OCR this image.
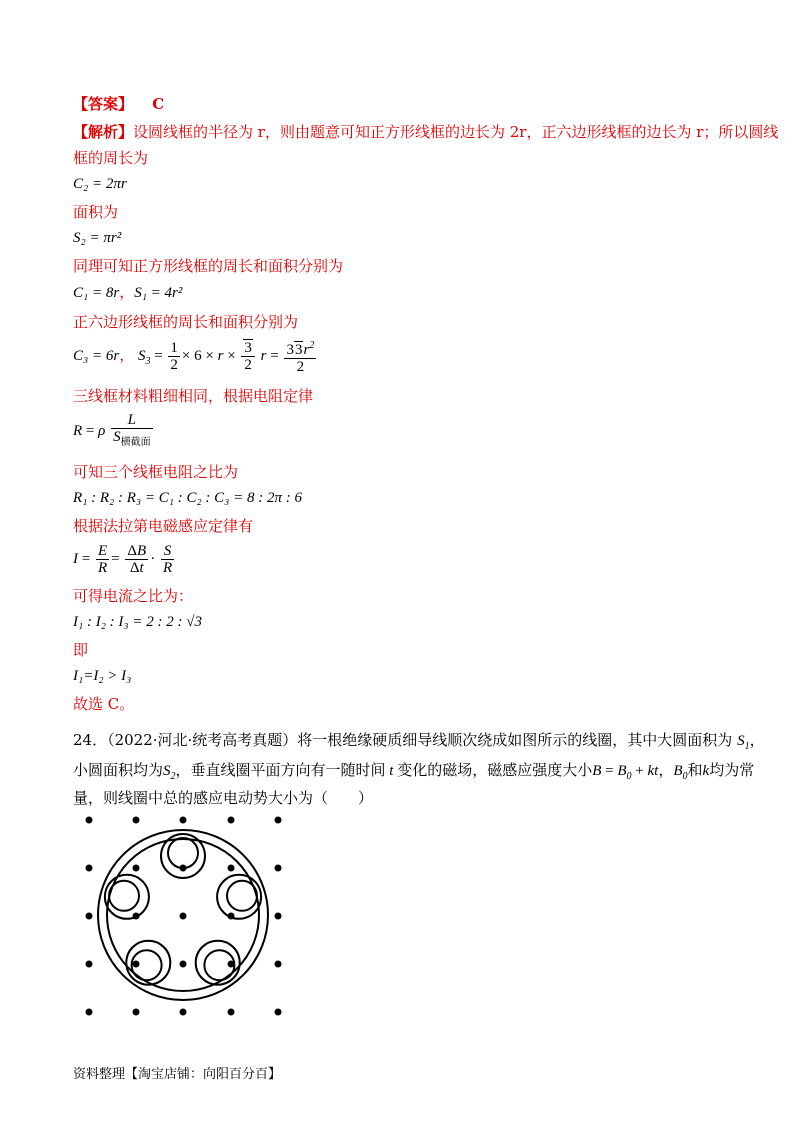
【答案】 C
【解析】设圆线框的半径为 r，则由题意可知正方形线框的边长为 2r，正六边形线框的边长为 r；所以圆线
框的周长为
C₂ = 2πr
面积为
S₂ = πr²
同理可知正方形线框的周长和面积分别为
C₁ = 8r，S₁ = 4r²
正六边形线框的周长和面积分别为
C₃ = 6r， $S_3 = \frac{1}{2} \times 6 \times r \times \frac{3}{2}$ $r = \frac{33r^2}{2}$
三线框材料粗细相同，根据电阻定律
R = ρ $\frac{L}{S_{横截面}}$
可知三个线框电阻之比为
R₁ : R₂ : R₃ = C₁ : C₂ : C₃ = 8 : 2π : 6
根据法拉第电磁感应定律有
$I = \frac{E}{R} = \frac{\Delta B}{\Delta t} \cdot \frac{S}{R}$
可得电流之比为：
I₁ : I₂ : I₃ = 2 : 2 : √3
即
I₁=I₂ > I₃
故选 C。
24．（2022·河北·统考高考真题）将一根绝缘硬质细导线顺次绕成如图所示的线圈，其中大圆面积为 $S_1$，
小圆面积均为$S_2$，垂直线圈平面方向有一随时间 t 变化的磁场，磁感应强度大小$B = B_0$ + kt，$B_0$和k均为常
量，则线圈中总的感应电动势大小为（　　）
资料整理【淘宝店铺：向阳百分百】
